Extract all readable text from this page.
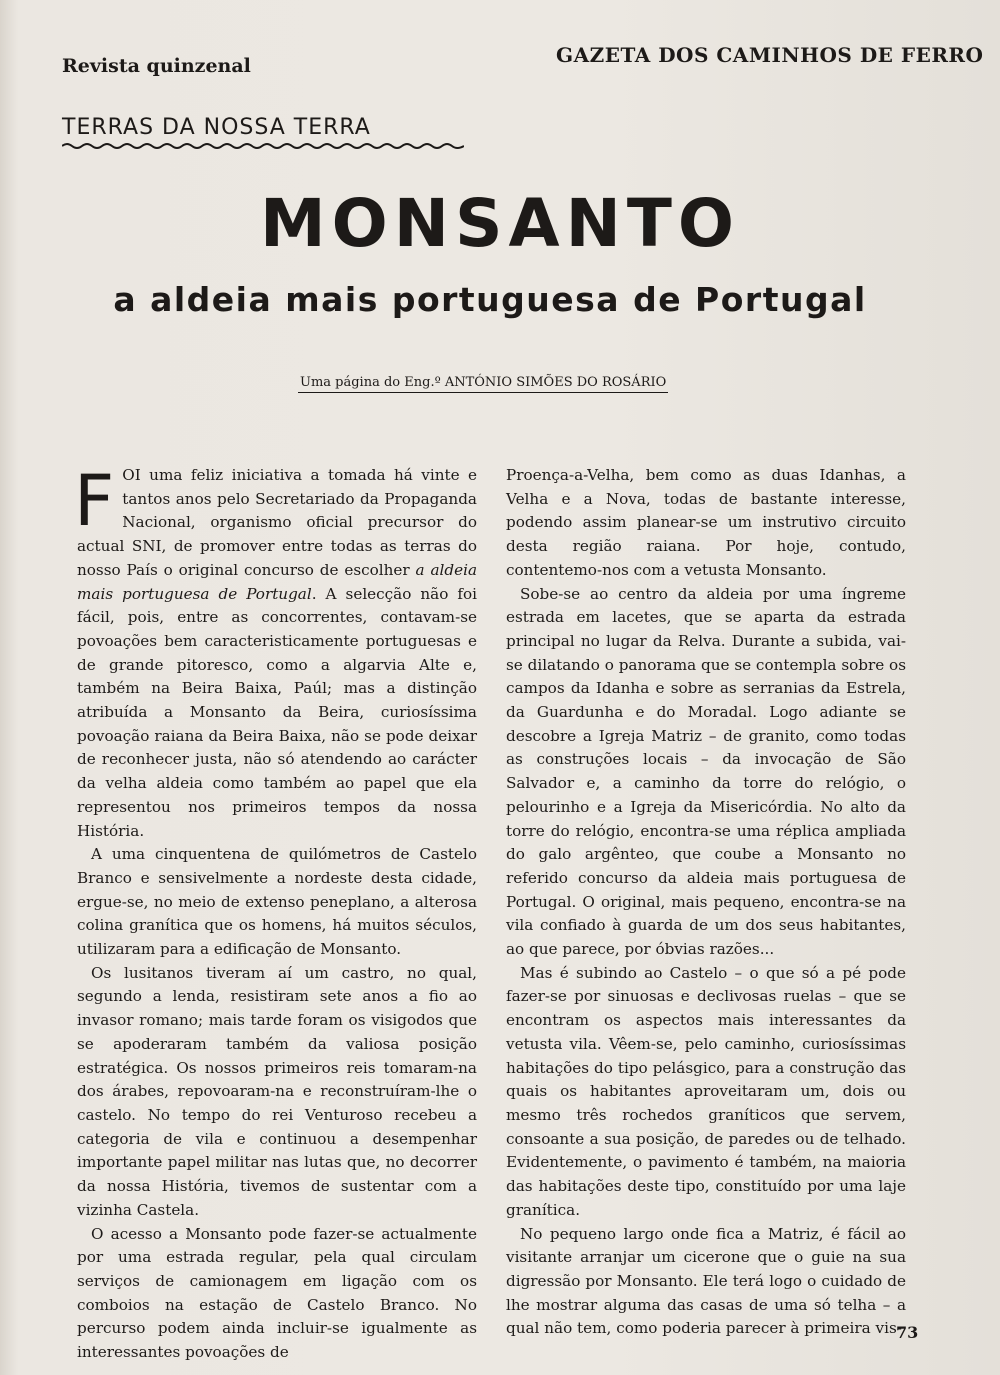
Revista quinzenal	GAZETA DOS CAMINHOS DE FERRO
TERRAS DA NOSSA TERRA
MONSANTO
a aldeia mais portuguesa de Portugal
Uma página do Eng.º ANTÓNIO SIMÕES DO ROSÁRIO

FOI uma feliz iniciativa a tomada há vinte e tantos anos pelo Secretariado da Propaganda Nacional, organismo oficial precursor do actual SNI, de promover entre todas as terras do nosso País o original concurso de escolher a aldeia mais portuguesa de Portugal. A selecção não foi fácil, pois, entre as concorrentes, contavam-se povoações bem caracteristicamente portuguesas e de grande pitoresco, como a algarvia Alte e, também na Beira Baixa, Paúl; mas a distinção atribuída a Monsanto da Beira, curiosíssima povoação raiana da Beira Baixa, não se pode deixar de reconhecer justa, não só atendendo ao carácter da velha aldeia como também ao papel que ela representou nos primeiros tempos da nossa História.

A uma cinquentena de quilómetros de Castelo Branco e sensivelmente a nordeste desta cidade, ergue-se, no meio de extenso peneplano, a alterosa colina granítica que os homens, há muitos séculos, utilizaram para a edificação de Monsanto.

Os lusitanos tiveram aí um castro, no qual, segundo a lenda, resistiram sete anos a fio ao invasor romano; mais tarde foram os visigodos que se apoderaram também da valiosa posição estratégica. Os nossos primeiros reis tomaram-na dos árabes, repovoaram-na e reconstruíram-lhe o castelo. No tempo do rei Venturoso recebeu a categoria de vila e continuou a desempenhar importante papel militar nas lutas que, no decorrer da nossa História, tivemos de sustentar com a vizinha Castela.

O acesso a Monsanto pode fazer-se actualmente por uma estrada regular, pela qual circulam serviços de camionagem em ligação com os comboios na estação de Castelo Branco. No percurso podem ainda incluir-se igualmente as interessantes povoações de

Proença-a-Velha, bem como as duas Idanhas, a Velha e a Nova, todas de bastante interesse, podendo assim planear-se um instrutivo circuito desta região raiana. Por hoje, contudo, contentemo-nos com a vetusta Monsanto.

Sobe-se ao centro da aldeia por uma íngreme estrada em lacetes, que se aparta da estrada principal no lugar da Relva. Durante a subida, vai-se dilatando o panorama que se contempla sobre os campos da Idanha e sobre as serranias da Estrela, da Guardunha e do Moradal. Logo adiante se descobre a Igreja Matriz – de granito, como todas as construções locais – da invocação de São Salvador e, a caminho da torre do relógio, o pelourinho e a Igreja da Misericórdia. No alto da torre do relógio, encontra-se uma réplica ampliada do galo argênteo, que coube a Monsanto no referido concurso da aldeia mais portuguesa de Portugal. O original, mais pequeno, encontra-se na vila confiado à guarda de um dos seus habitantes, ao que parece, por óbvias razões...

Mas é subindo ao Castelo – o que só a pé pode fazer-se por sinuosas e declivosas ruelas – que se encontram os aspectos mais interessantes da vetusta vila. Vêem-se, pelo caminho, curiosíssimas habitações do tipo pelásgico, para a construção das quais os habitantes aproveitaram um, dois ou mesmo três rochedos graníticos que servem, consoante a sua posição, de paredes ou de telhado. Evidentemente, o pavimento é também, na maioria das habitações deste tipo, constituído por uma laje granítica.

No pequeno largo onde fica a Matriz, é fácil ao visitante arranjar um cicerone que o guie na sua digressão por Monsanto. Ele terá logo o cuidado de lhe mostrar alguma das casas de uma só telha – a qual não tem, como poderia parecer à primeira vis-

73
